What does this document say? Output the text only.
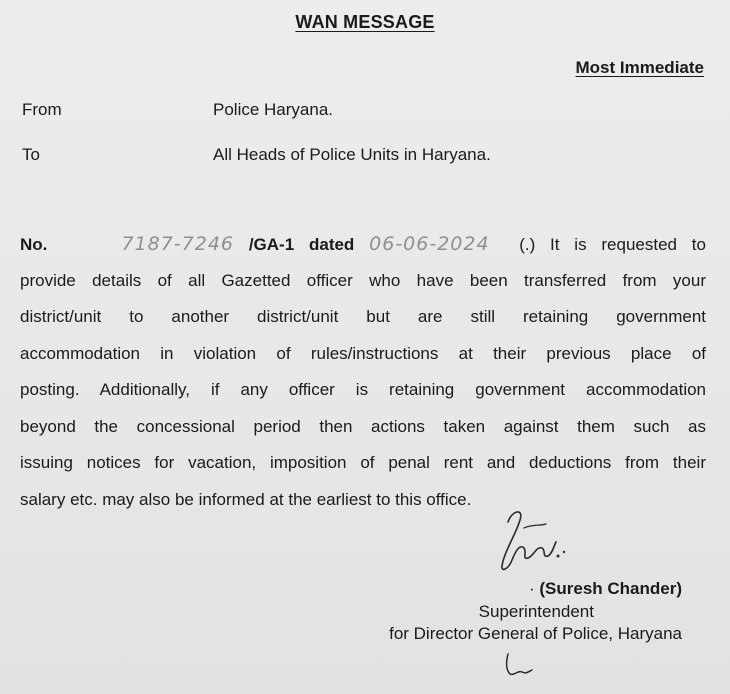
WAN MESSAGE
Most Immediate
From	Police Haryana.
To	All Heads of Police Units in Haryana.
No.	7187-7246 /GA-1 dated 06-06-2024 (.) It is requested to
provide details of all Gazetted officer who have been transferred from your
district/unit to another district/unit but are still retaining government
accommodation in violation of rules/instructions at their previous place of
posting. Additionally, if any officer is retaining government accommodation
beyond the concessional period then actions taken against them such as
issuing notices for vacation, imposition of penal rent and deductions from their
salary etc. may also be informed at the earliest to this office.
· (Suresh Chander)
Superintendent
for Director General of Police, Haryana
